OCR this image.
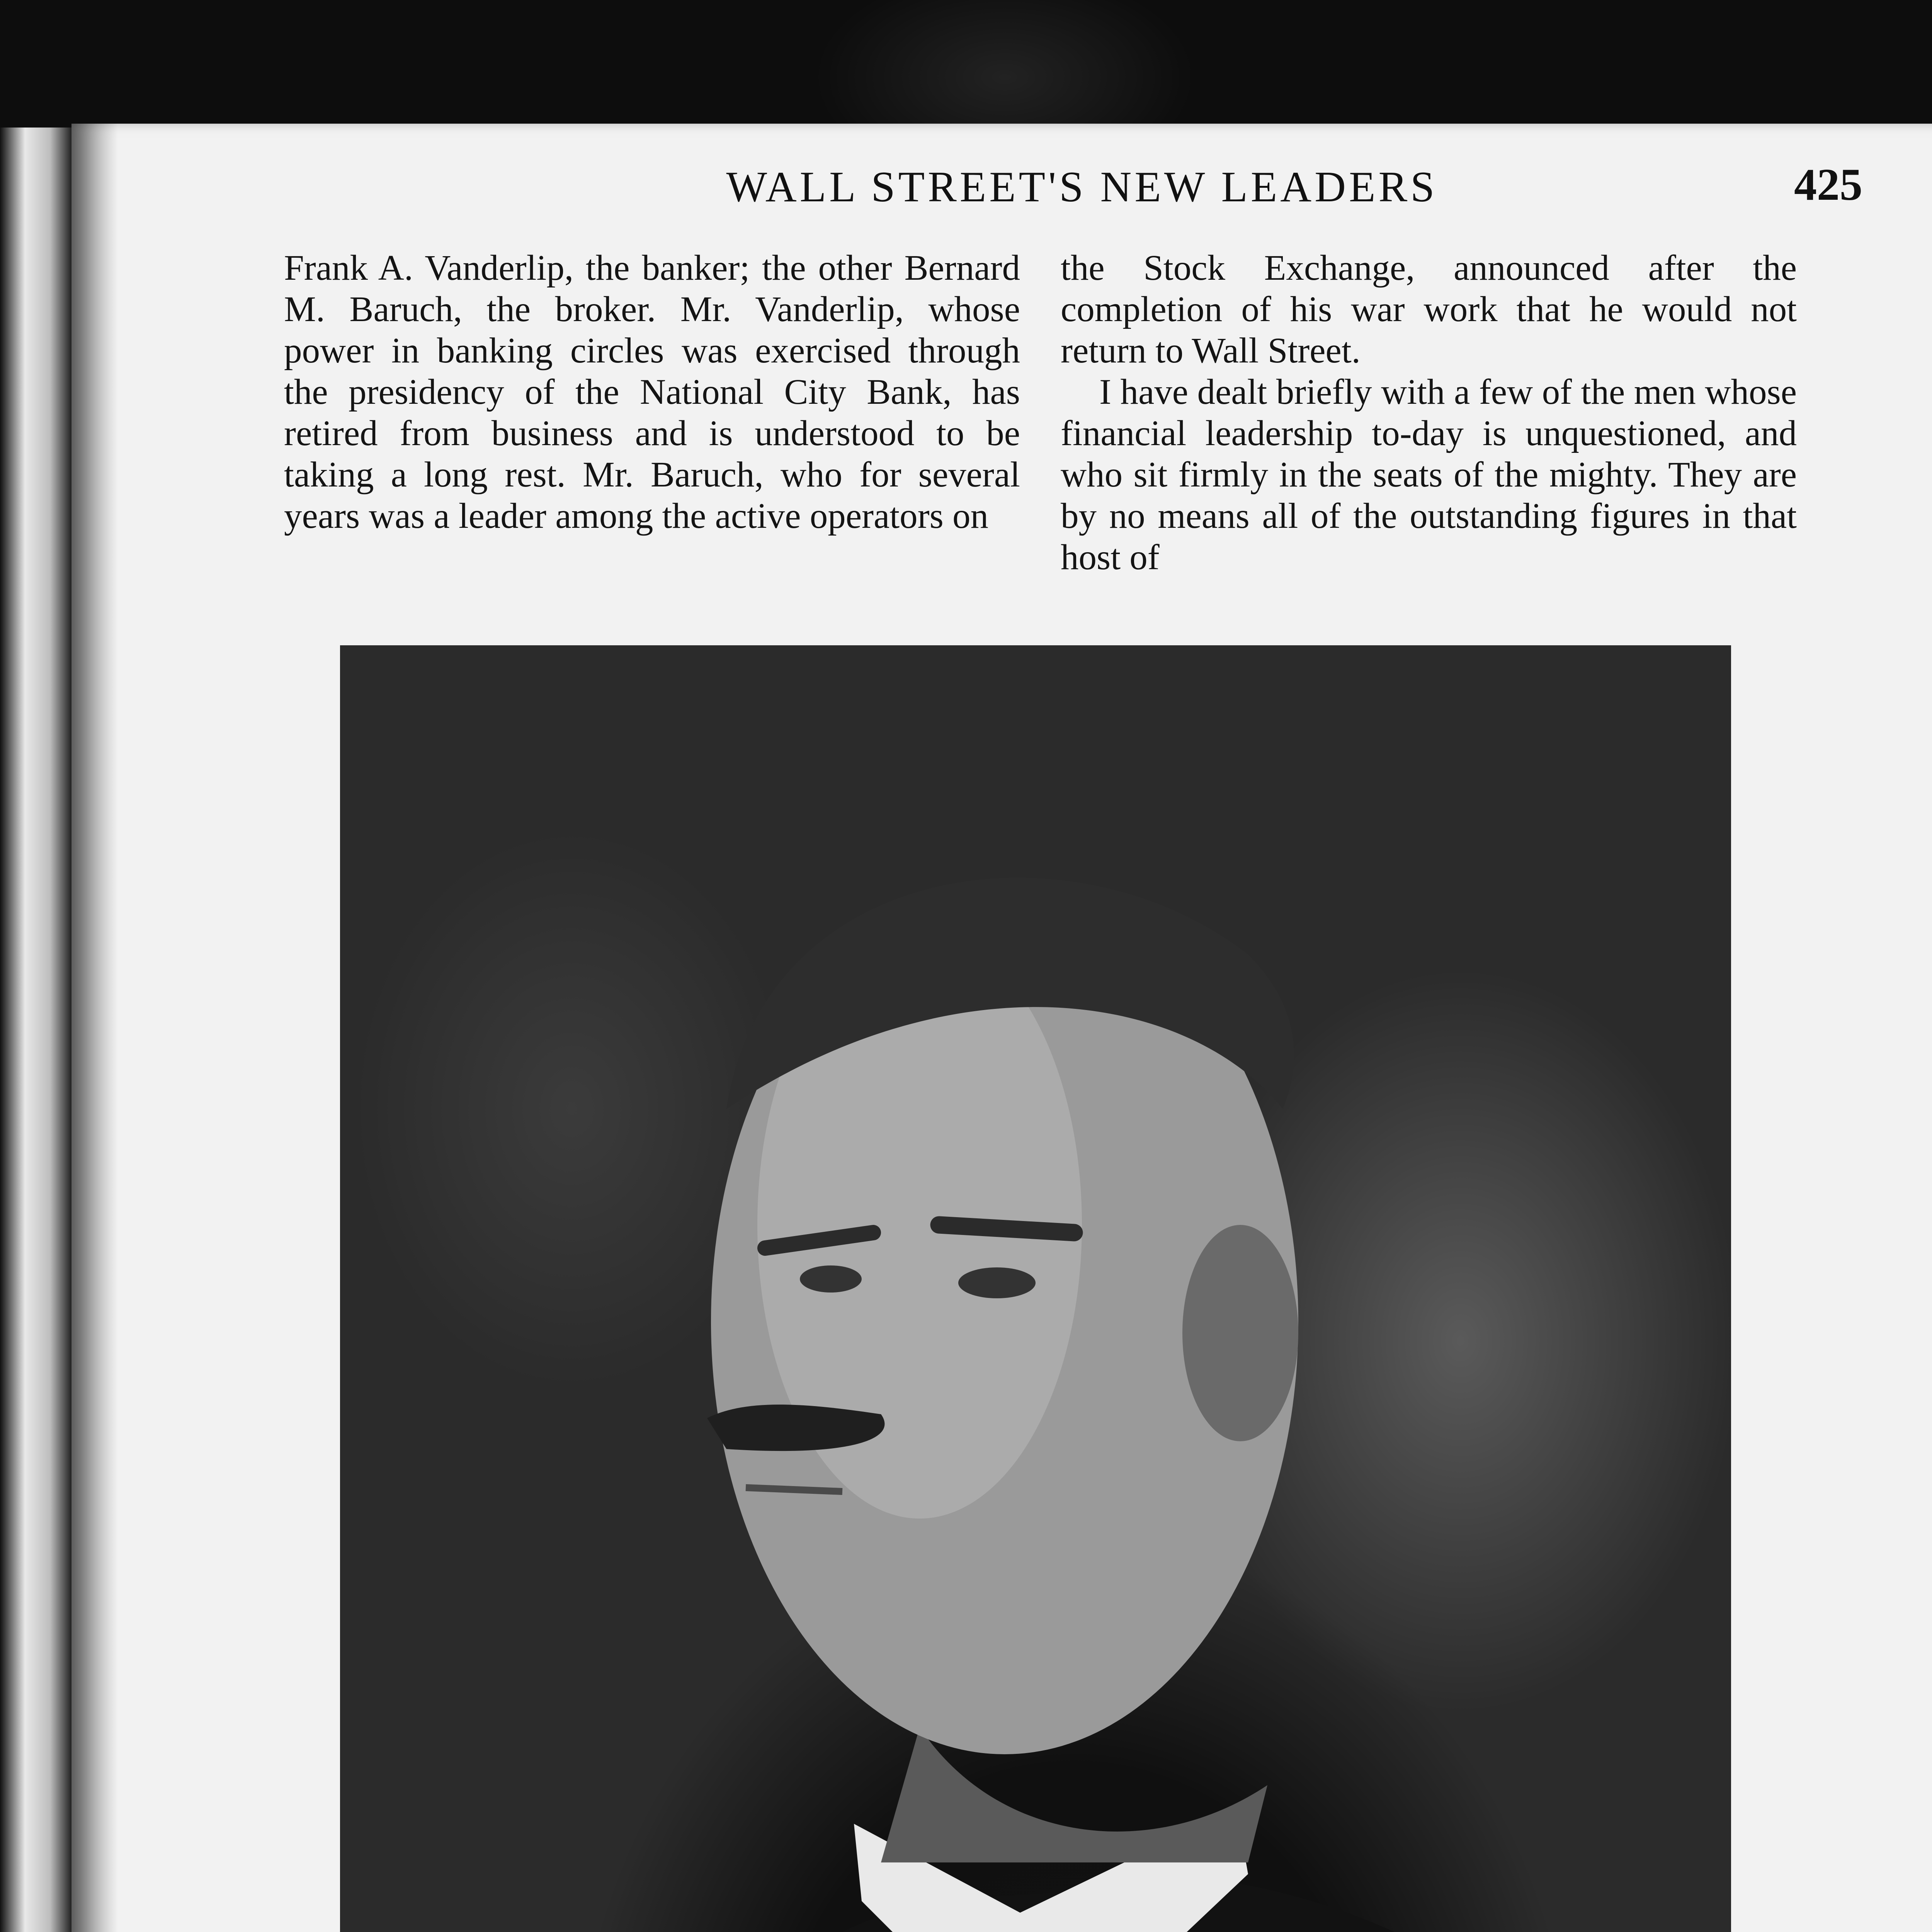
WALL STREET'S NEW LEADERS	425

Frank A. Vanderlip, the banker; the other Bernard M. Baruch, the broker. Mr. Vanderlip, whose power in banking circles was exercised through the presidency of the National City Bank, has retired from business and is understood to be taking a long rest. Mr. Baruch, who for several years was a leader among the active operators on

the Stock Exchange, announced after the completion of his war work that he would not return to Wall Street.

I have dealt briefly with a few of the men whose financial leadership to-day is unquestioned, and who sit firmly in the seats of the mighty. They are by no means all of the outstanding figures in that host of
